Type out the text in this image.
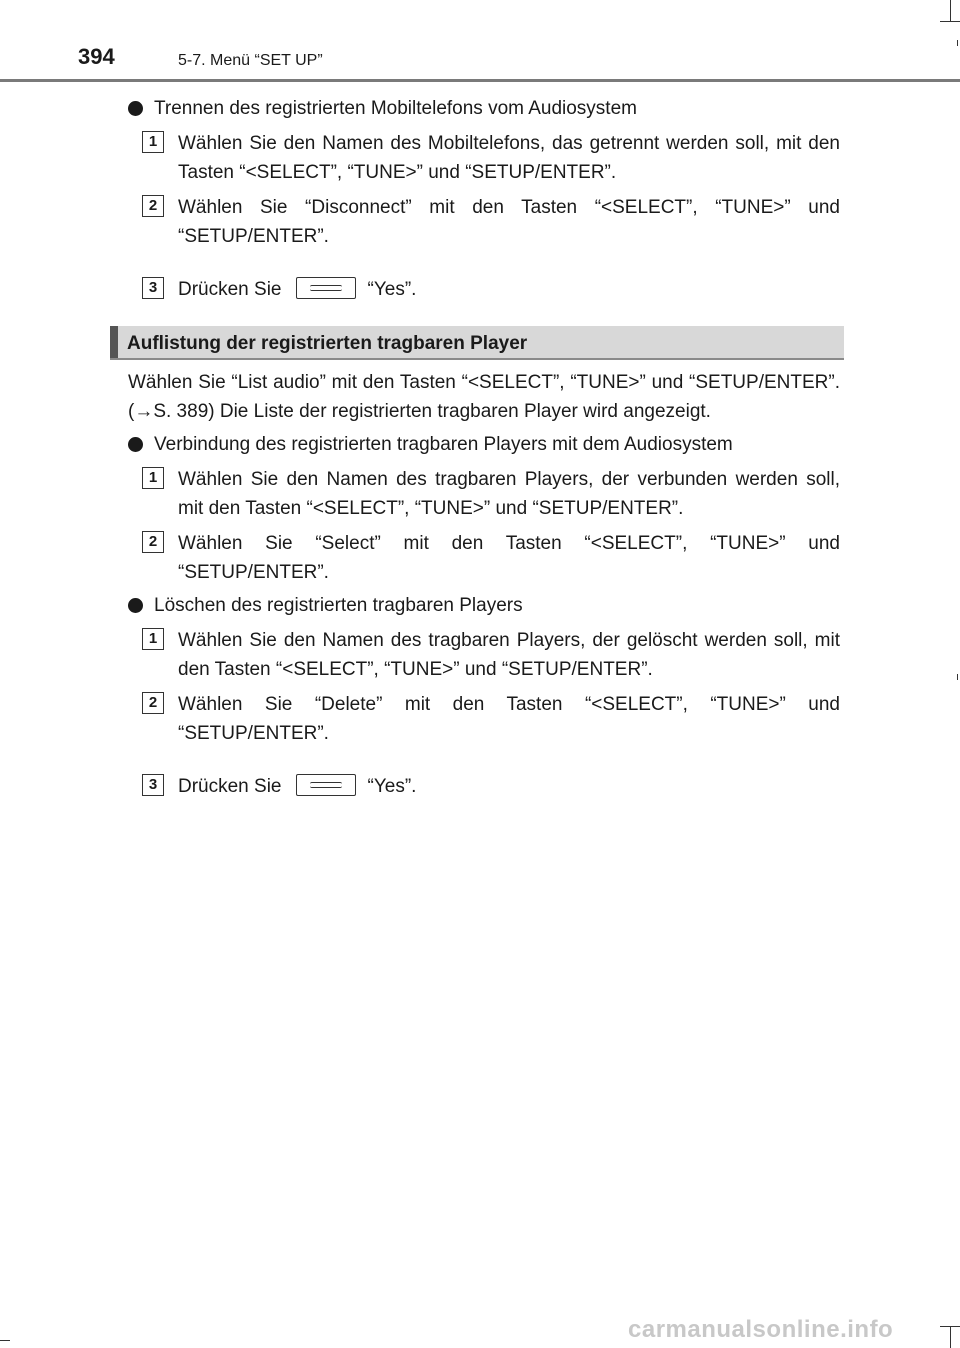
394	5-7. Menü “SET UP”

Trennen des registrierten Mobiltelefons vom Audiosystem

1	Wählen Sie den Namen des Mobiltelefons, das getrennt werden soll, mit den Tasten “<SELECT”, “TUNE>” und “SETUP/ENTER”.

2	Wählen Sie “Disconnect” mit den Tasten “<SELECT”, “TUNE>” und “SETUP/ENTER”.

3	Drücken Sie	“Yes”.

Auflistung der registrierten tragbaren Player

Wählen Sie “List audio” mit den Tasten “<SELECT”, “TUNE>” und “SETUP/ENTER”. (→S. 389) Die Liste der registrierten tragbaren Player wird angezeigt.

Verbindung des registrierten tragbaren Players mit dem Audiosystem

1	Wählen Sie den Namen des tragbaren Players, der verbunden werden soll, mit den Tasten “<SELECT”, “TUNE>” und “SETUP/ENTER”.

2	Wählen Sie “Select” mit den Tasten “<SELECT”, “TUNE>” und “SETUP/ENTER”.

Löschen des registrierten tragbaren Players

1	Wählen Sie den Namen des tragbaren Players, der gelöscht werden soll, mit den Tasten “<SELECT”, “TUNE>” und “SETUP/ENTER”.

2	Wählen Sie “Delete” mit den Tasten “<SELECT”, “TUNE>” und “SETUP/ENTER”.

3	Drücken Sie	“Yes”.

carmanualsonline.info
